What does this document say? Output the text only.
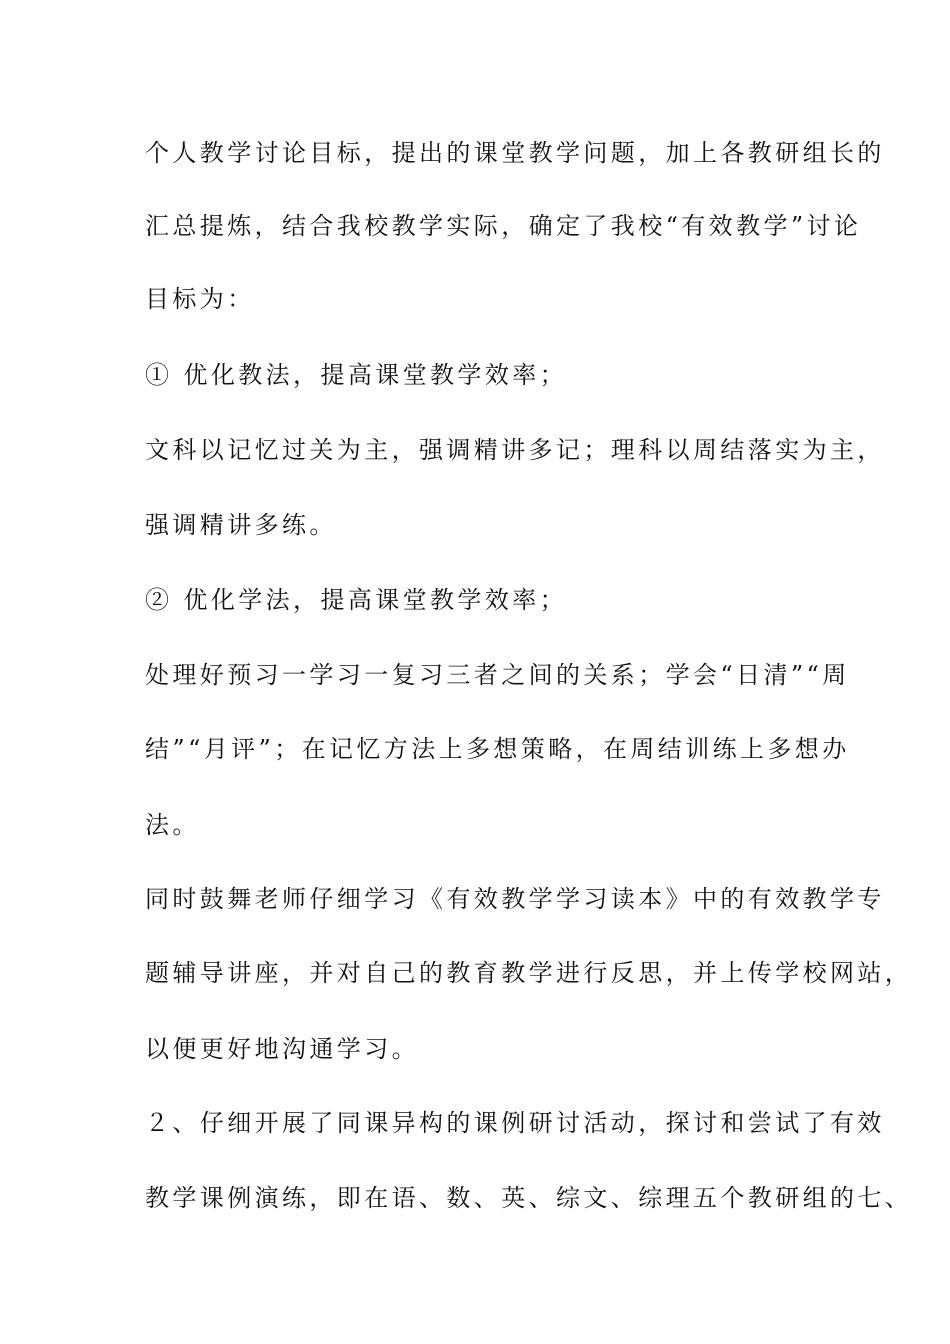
个人教学讨论目标，提出的课堂教学问题，加上各教研组长的
汇总提炼，结合我校教学实际，确定了我校“有效教学”讨论
目标为：
① 优化教法，提高课堂教学效率；
文科以记忆过关为主，强调精讲多记；理科以周结落实为主，
强调精讲多练。
② 优化学法，提高课堂教学效率；
处理好预习一学习一复习三者之间的关系；学会“日清”“周
结”“月评”；在记忆方法上多想策略，在周结训练上多想办
法。
同时鼓舞老师仔细学习《有效教学学习读本》中的有效教学专
题辅导讲座，并对自己的教育教学进行反思，并上传学校网站，
以便更好地沟通学习。
２、仔细开展了同课异构的课例研讨活动，探讨和尝试了有效
教学课例演练，即在语、数、英、综文、综理五个教研组的七、
